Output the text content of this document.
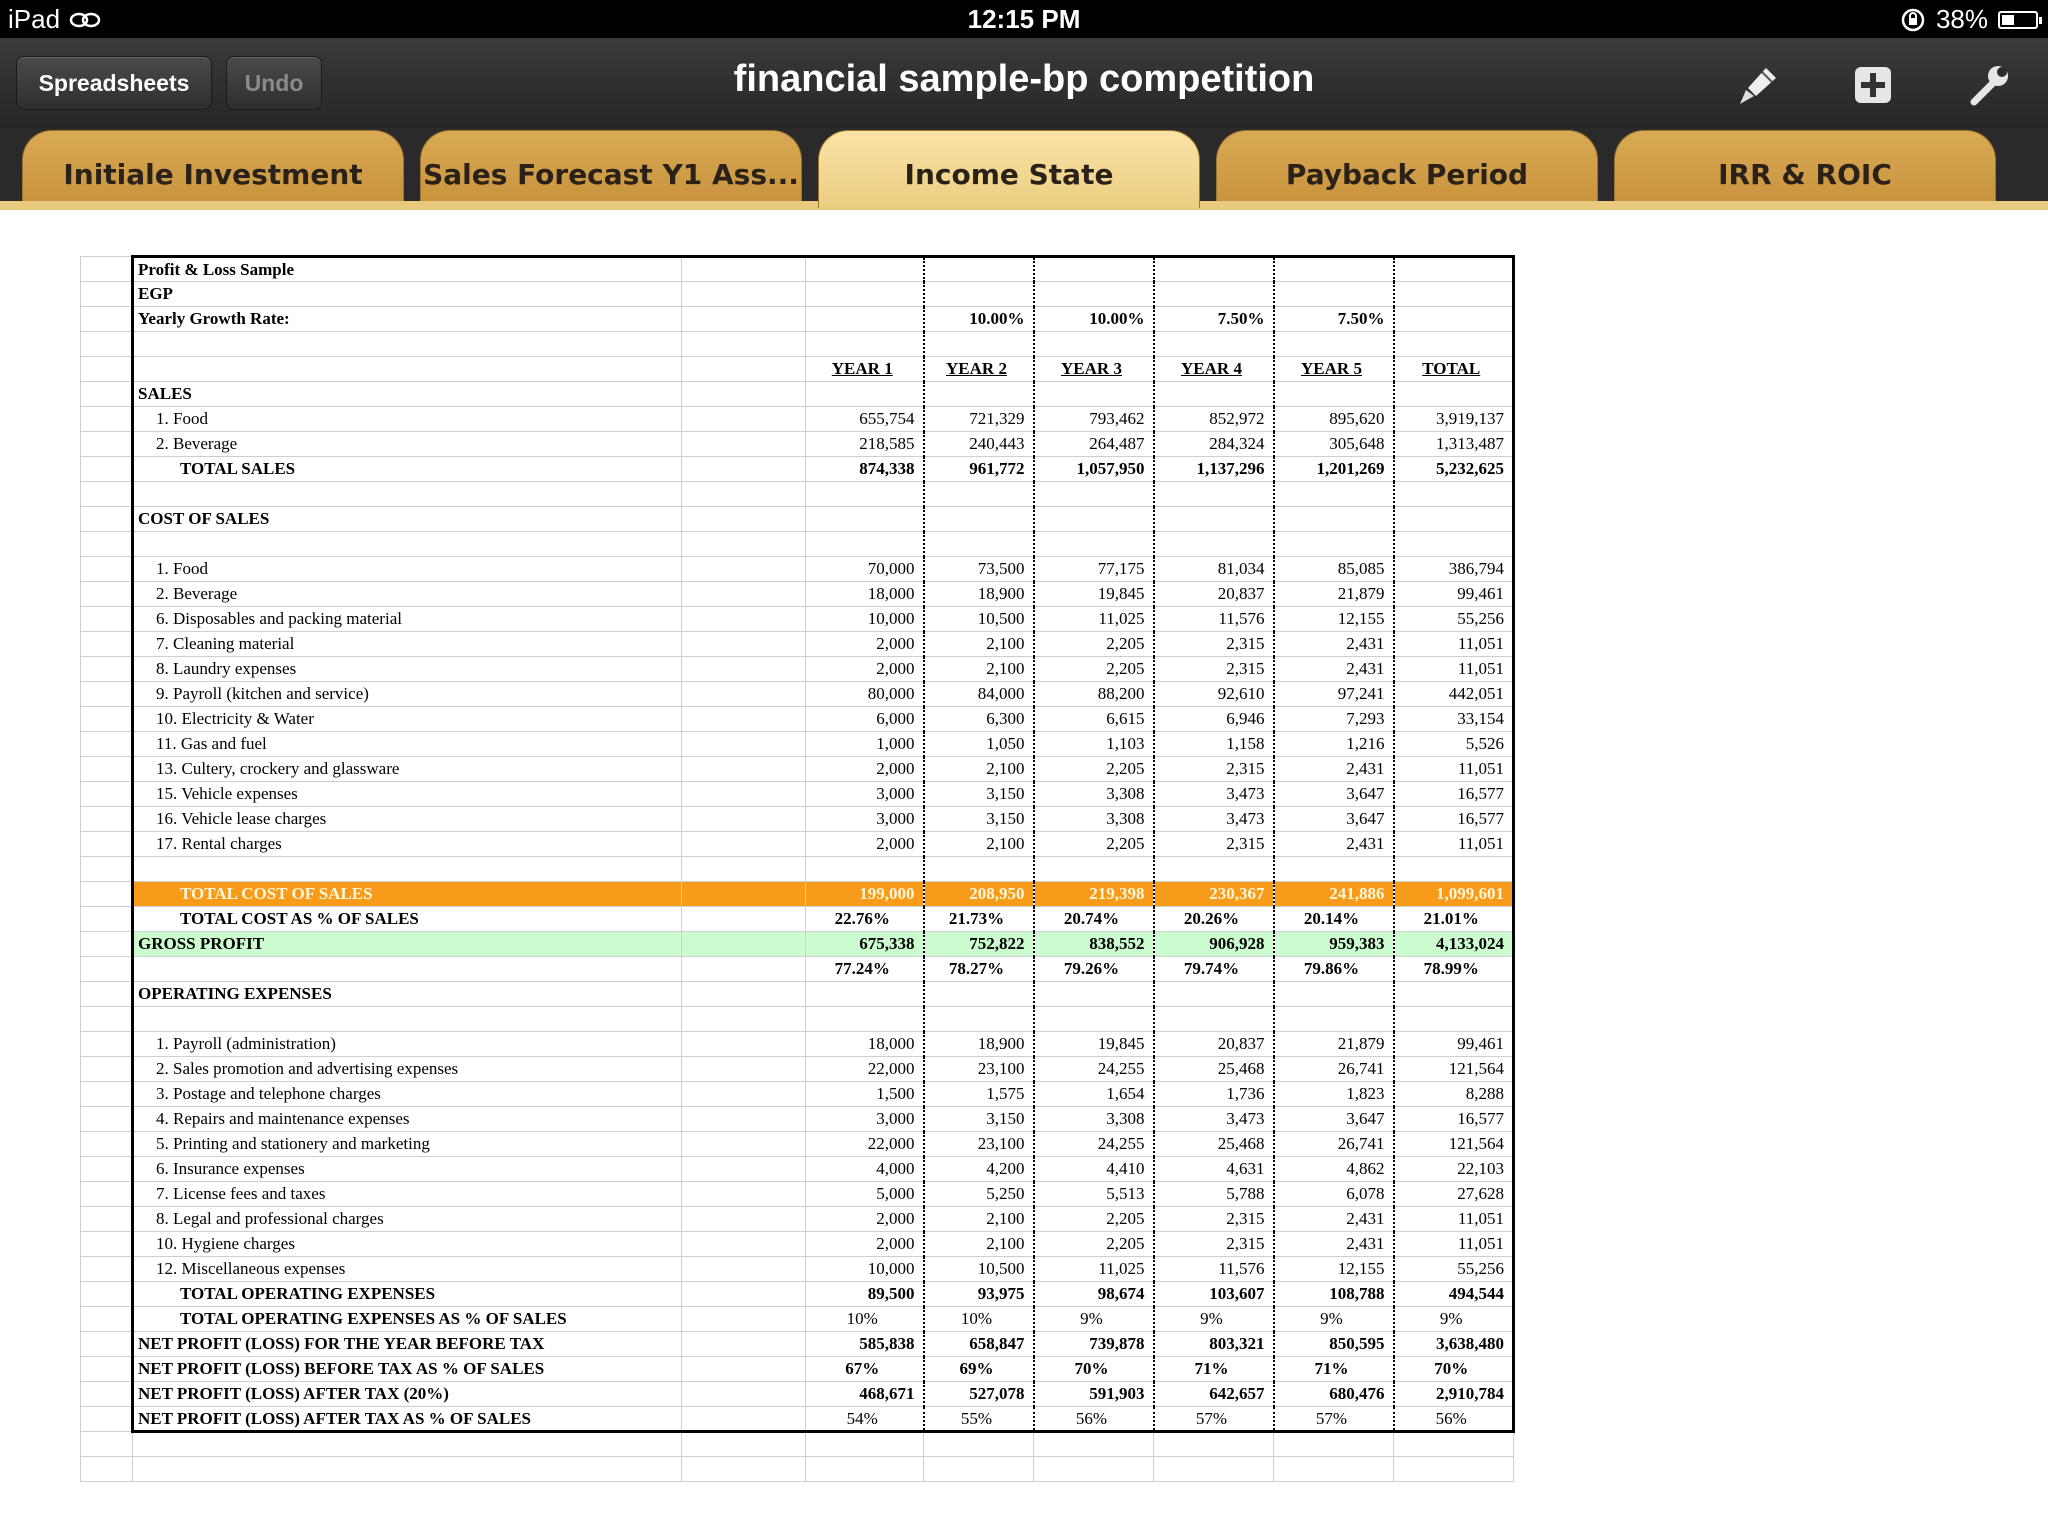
iPad	12:15 PM	38%
Spreadsheets	Undo	financial sample-bp competition
Initiale Investment	Sales Forecast Y1 Ass...	Income State	Payback Period	IRR & ROIC
	Profit & Loss Sample							
	EGP							
	Yearly Growth Rate:			10.00%	10.00%	7.50%	7.50%	

			YEAR 1	YEAR 2	YEAR 3	YEAR 4	YEAR 5	TOTAL
	SALES							
	1. Food		655,754	721,329	793,462	852,972	895,620	3,919,137
	2. Beverage		218,585	240,443	264,487	284,324	305,648	1,313,487
	TOTAL SALES		874,338	961,772	1,057,950	1,137,296	1,201,269	5,232,625

	COST OF SALES							

	1. Food		70,000	73,500	77,175	81,034	85,085	386,794
	2. Beverage		18,000	18,900	19,845	20,837	21,879	99,461
	6. Disposables and packing material		10,000	10,500	11,025	11,576	12,155	55,256
	7. Cleaning material		2,000	2,100	2,205	2,315	2,431	11,051
	8. Laundry expenses		2,000	2,100	2,205	2,315	2,431	11,051
	9. Payroll (kitchen and service)		80,000	84,000	88,200	92,610	97,241	442,051
	10. Electricity & Water		6,000	6,300	6,615	6,946	7,293	33,154
	11. Gas and fuel		1,000	1,050	1,103	1,158	1,216	5,526
	13. Cultery, crockery and glassware		2,000	2,100	2,205	2,315	2,431	11,051
	15. Vehicle expenses		3,000	3,150	3,308	3,473	3,647	16,577
	16. Vehicle lease charges		3,000	3,150	3,308	3,473	3,647	16,577
	17. Rental charges		2,000	2,100	2,205	2,315	2,431	11,051

	TOTAL COST OF SALES		199,000	208,950	219,398	230,367	241,886	1,099,601
	TOTAL COST AS % OF SALES		22.76%	21.73%	20.74%	20.26%	20.14%	21.01%
	GROSS PROFIT		675,338	752,822	838,552	906,928	959,383	4,133,024
			77.24%	78.27%	79.26%	79.74%	79.86%	78.99%
	OPERATING EXPENSES							

	1. Payroll (administration)		18,000	18,900	19,845	20,837	21,879	99,461
	2. Sales promotion and advertising expenses		22,000	23,100	24,255	25,468	26,741	121,564
	3. Postage and telephone charges		1,500	1,575	1,654	1,736	1,823	8,288
	4. Repairs and maintenance expenses		3,000	3,150	3,308	3,473	3,647	16,577
	5. Printing and stationery and marketing		22,000	23,100	24,255	25,468	26,741	121,564
	6. Insurance expenses		4,000	4,200	4,410	4,631	4,862	22,103
	7. License fees and taxes		5,000	5,250	5,513	5,788	6,078	27,628
	8. Legal and professional charges		2,000	2,100	2,205	2,315	2,431	11,051
	10. Hygiene charges		2,000	2,100	2,205	2,315	2,431	11,051
	12. Miscellaneous expenses		10,000	10,500	11,025	11,576	12,155	55,256
	TOTAL OPERATING EXPENSES		89,500	93,975	98,674	103,607	108,788	494,544
	TOTAL OPERATING EXPENSES AS % OF SALES		10%	10%	9%	9%	9%	9%
	NET PROFIT (LOSS) FOR THE YEAR BEFORE TAX		585,838	658,847	739,878	803,321	850,595	3,638,480
	NET PROFIT (LOSS) BEFORE TAX AS % OF SALES		67%	69%	70%	71%	71%	70%
	NET PROFIT (LOSS) AFTER TAX (20%)		468,671	527,078	591,903	642,657	680,476	2,910,784
	NET PROFIT (LOSS) AFTER TAX AS % OF SALES		54%	55%	56%	57%	57%	56%
